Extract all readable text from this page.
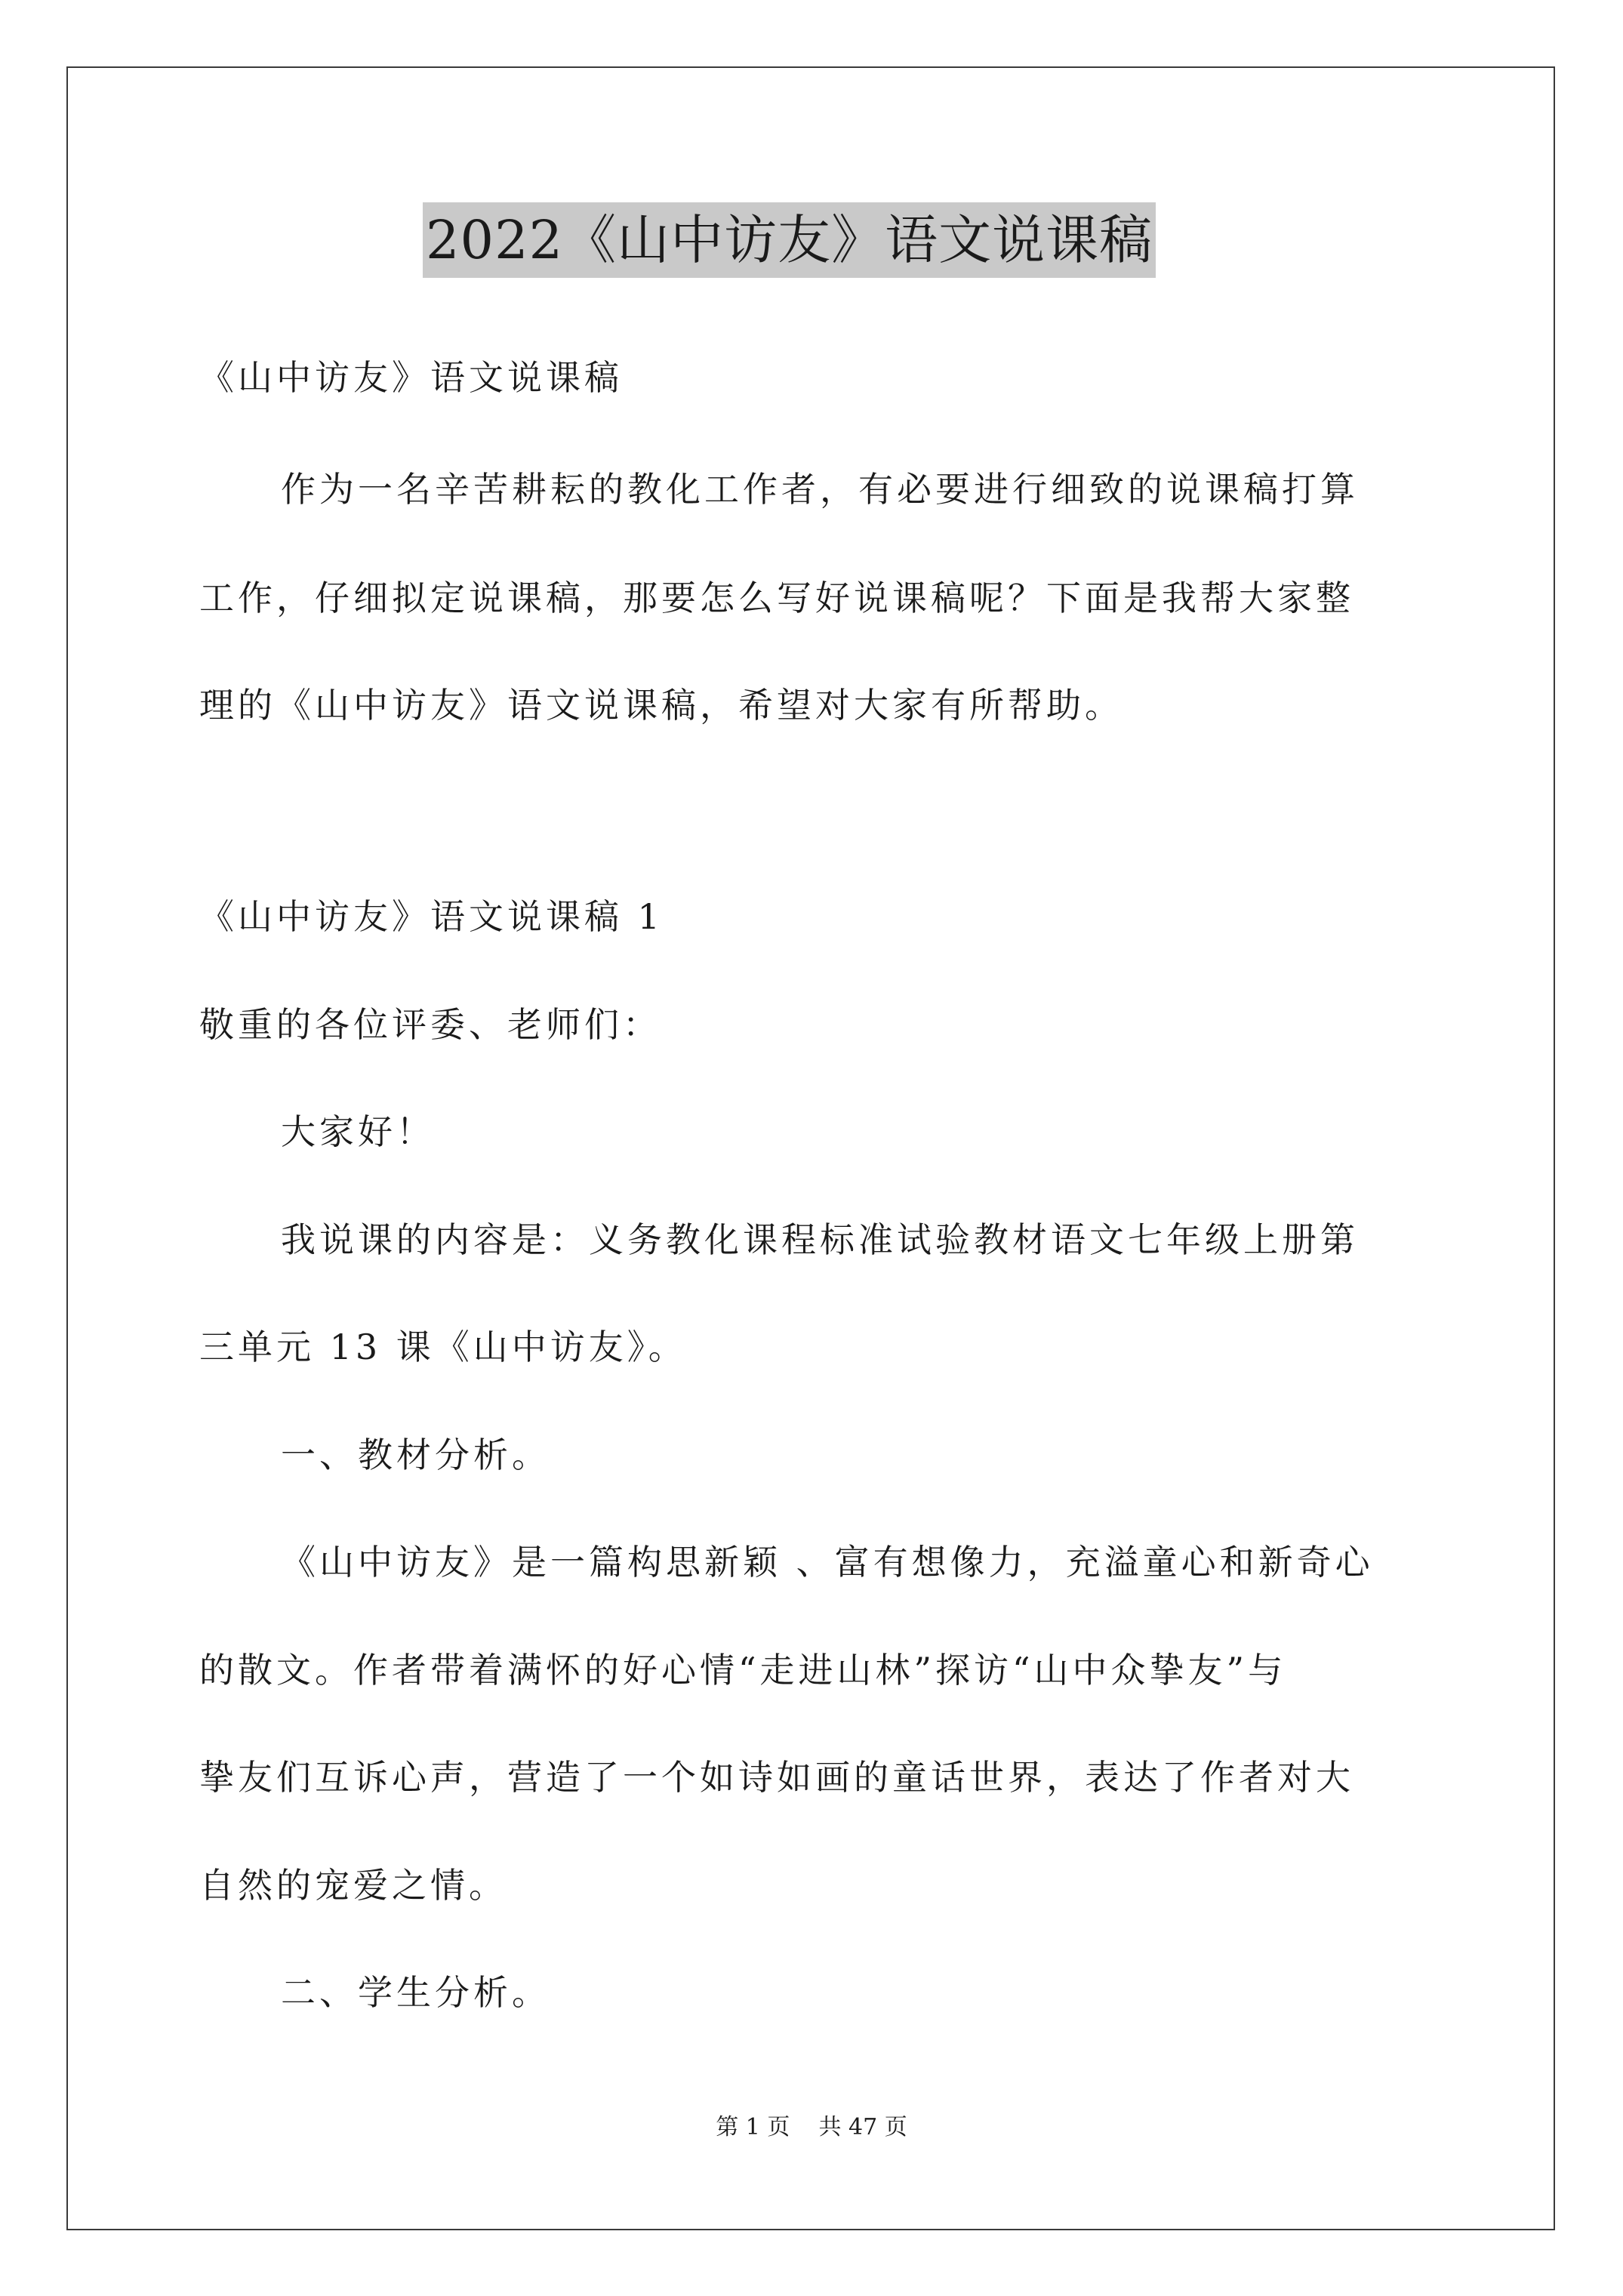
2022《山中访友》语文说课稿
《山中访友》语文说课稿
作为一名辛苦耕耘的教化工作者，有必要进行细致的说课稿打算
工作，仔细拟定说课稿，那要怎么写好说课稿呢？下面是我帮大家整
理的《山中访友》语文说课稿，希望对大家有所帮助。
《山中访友》语文说课稿 1
敬重的各位评委、老师们：
大家好！
我说课的内容是：义务教化课程标准试验教材语文七年级上册第
三单元 13 课《山中访友》。
一、教材分析。
《山中访友》是一篇构思新颖 、富有想像力，充溢童心和新奇心
的散文。作者带着满怀的好心情“走进山林”探访“山中众挚友”与
挚友们互诉心声，营造了一个如诗如画的童话世界，表达了作者对大
自然的宠爱之情。
二、学生分析。
第 1 页    共 47 页
